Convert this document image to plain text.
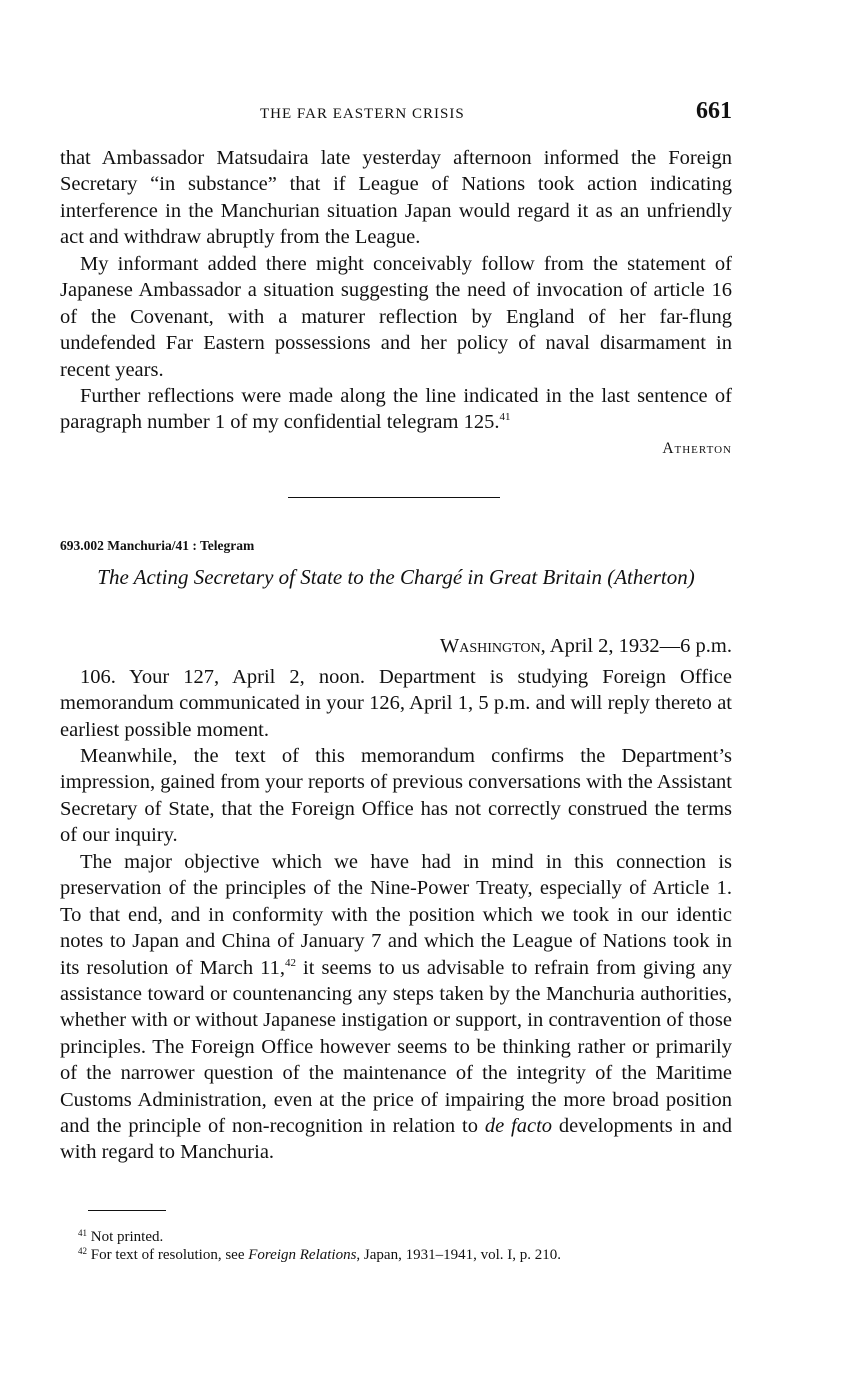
THE FAR EASTERN CRISIS	661

that Ambassador Matsudaira late yesterday afternoon informed the Foreign Secretary “in substance” that if League of Nations took action indicating interference in the Manchurian situation Japan would regard it as an unfriendly act and withdraw abruptly from the League.

My informant added there might conceivably follow from the statement of Japanese Ambassador a situation suggesting the need of invocation of article 16 of the Covenant, with a maturer reflection by England of her far-flung undefended Far Eastern possessions and her policy of naval disarmament in recent years.

Further reflections were made along the line indicated in the last sentence of paragraph number 1 of my confidential telegram 125.41

Atherton
693.002 Manchuria/41 : Telegram
The Acting Secretary of State to the Chargé in Great Britain (Atherton)
Washington, April 2, 1932—6 p.m.

106. Your 127, April 2, noon. Department is studying Foreign Office memorandum communicated in your 126, April 1, 5 p.m. and will reply thereto at earliest possible moment.

Meanwhile, the text of this memorandum confirms the Department’s impression, gained from your reports of previous conversations with the Assistant Secretary of State, that the Foreign Office has not correctly construed the terms of our inquiry.

The major objective which we have had in mind in this connection is preservation of the principles of the Nine-Power Treaty, especially of Article 1. To that end, and in conformity with the position which we took in our identic notes to Japan and China of January 7 and which the League of Nations took in its resolution of March 11,42 it seems to us advisable to refrain from giving any assistance toward or countenancing any steps taken by the Manchuria authorities, whether with or without Japanese instigation or support, in contravention of those principles. The Foreign Office however seems to be thinking rather or primarily of the narrower question of the maintenance of the integrity of the Maritime Customs Administration, even at the price of impairing the more broad position and the principle of non-recognition in relation to de facto developments in and with regard to Manchuria.

$^{41}$ Not printed.
$^{42}$ For text of resolution, see Foreign Relations, Japan, 1931–1941, vol. I, p. 210.
